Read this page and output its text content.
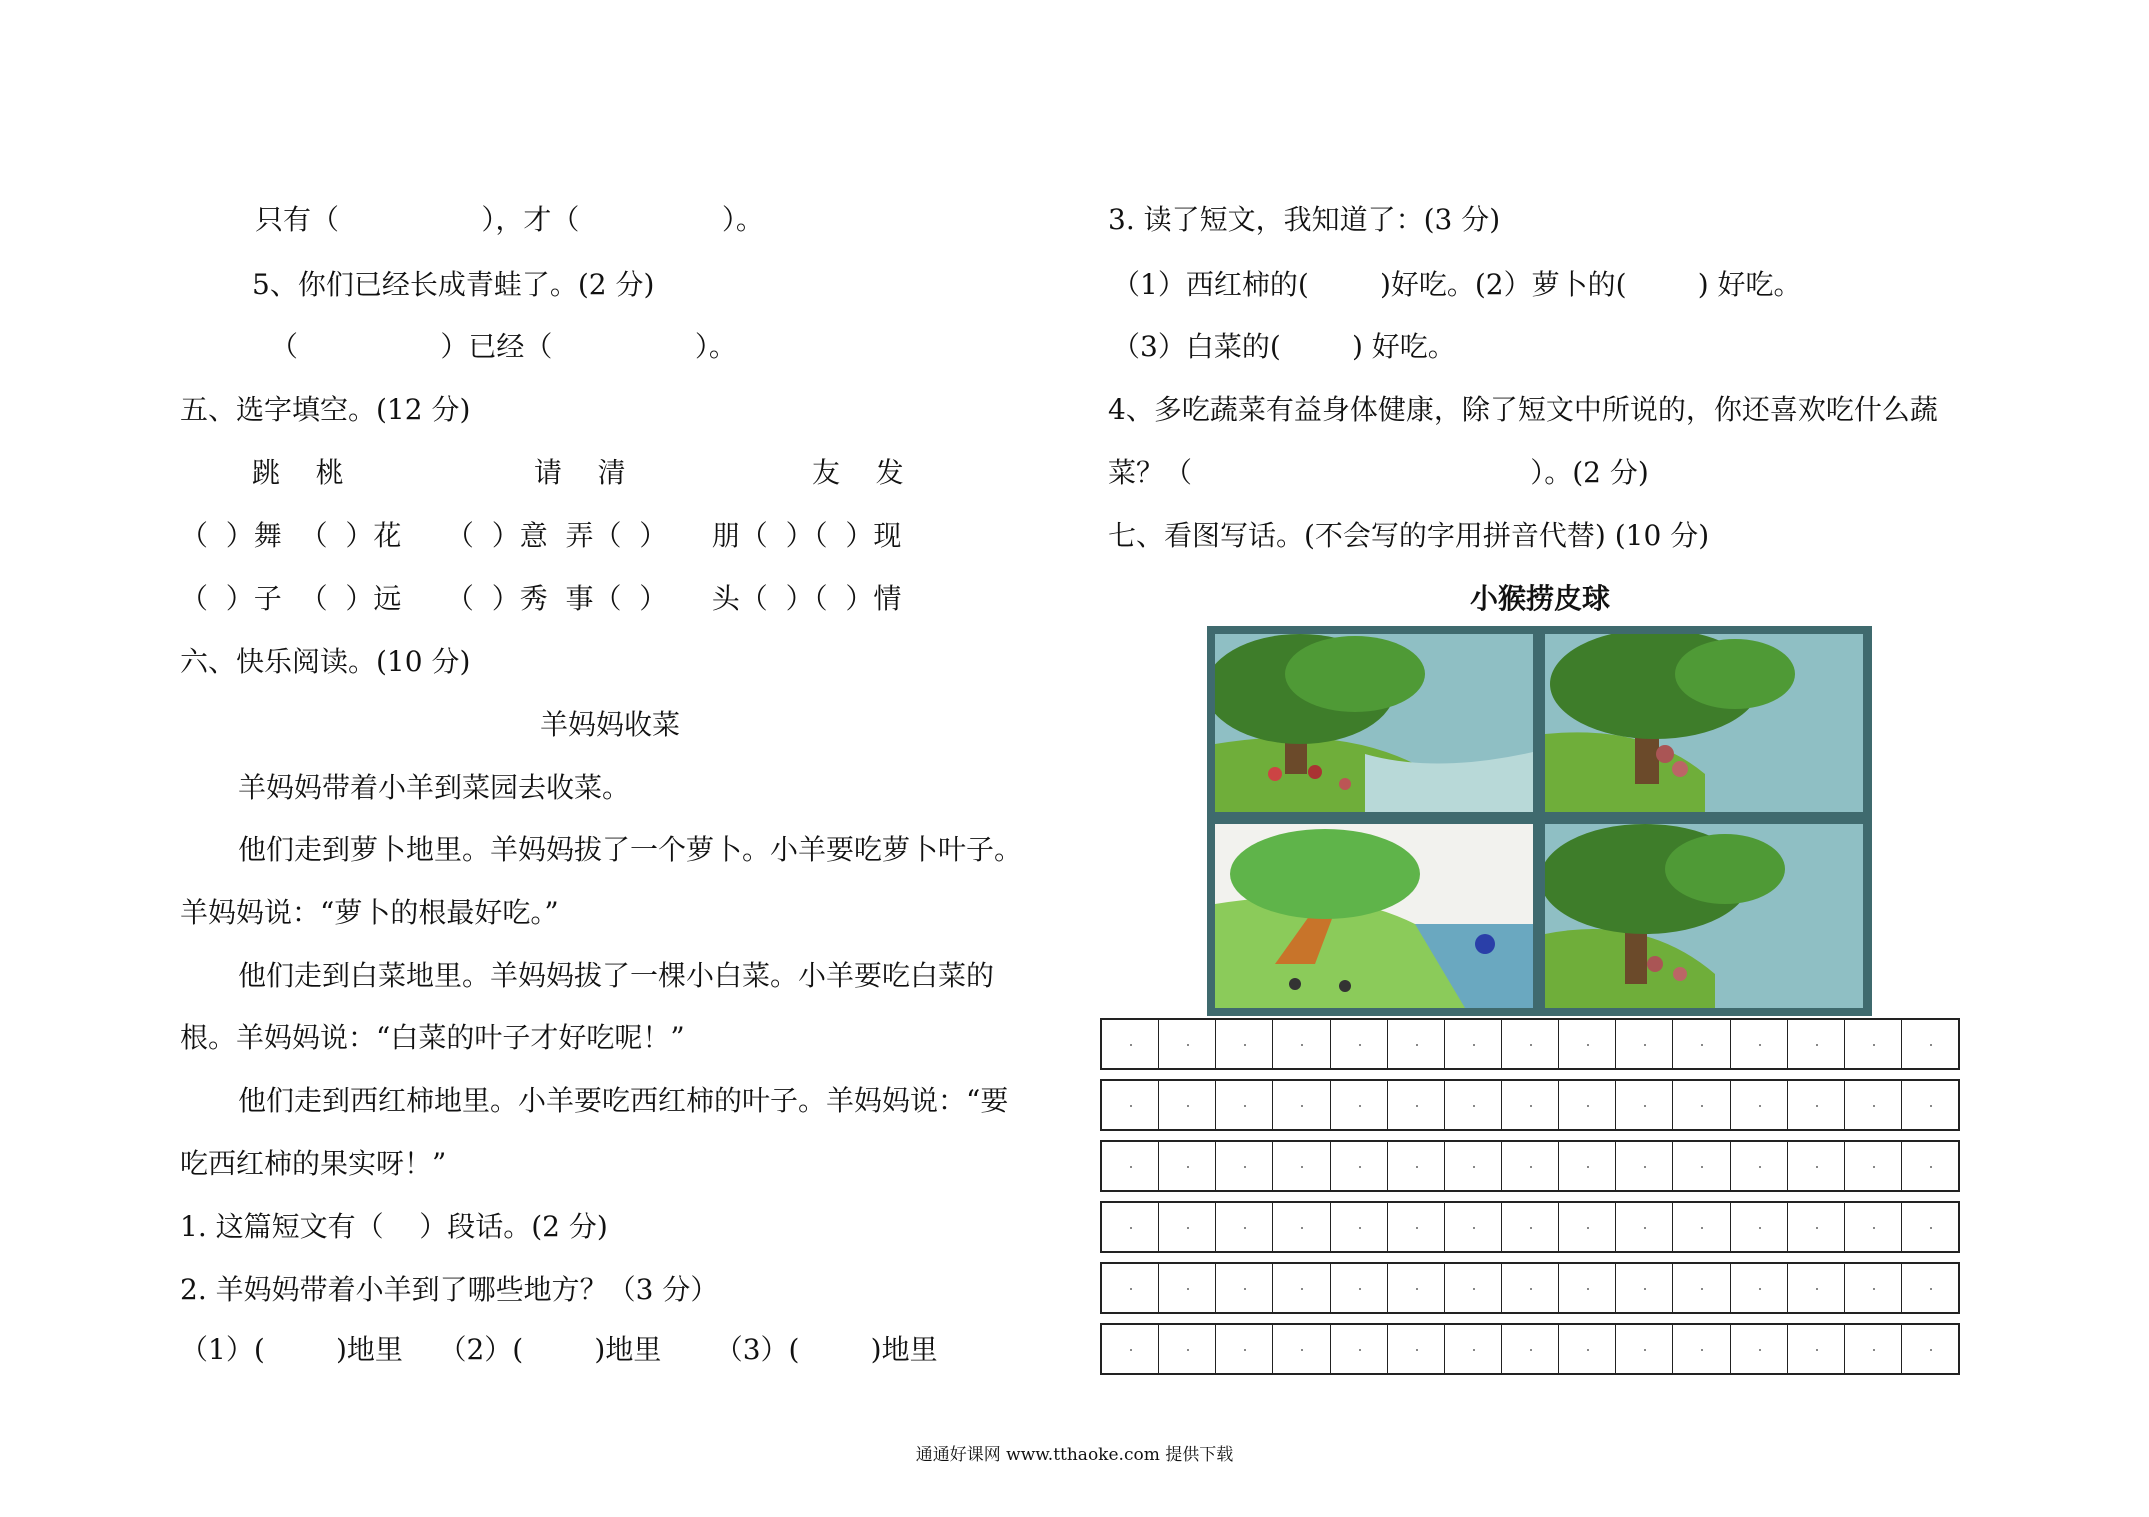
只有（                ），才（                ）。
5、你们已经长成青蛙了。(2 分)
（                ）已经（                ）。
五、选字填空。(12 分)
跳    桃	请    清	友    发
（  ）舞  （  ）花     （  ）意  弄（  ）     朋（  ）（  ）现
（  ）子  （  ）远     （  ）秀  事（  ）     头（  ）（  ）情
六、快乐阅读。(10 分)
羊妈妈收菜
羊妈妈带着小羊到菜园去收菜。
他们走到萝卜地里。羊妈妈拔了一个萝卜。小羊要吃萝卜叶子。
羊妈妈说：“萝卜的根最好吃。”
他们走到白菜地里。羊妈妈拔了一棵小白菜。小羊要吃白菜的
根。羊妈妈说：“白菜的叶子才好吃呢！”
他们走到西红柿地里。小羊要吃西红柿的叶子。羊妈妈说：“要
吃西红柿的果实呀！”
1. 这篇短文有（    ）段话。(2 分)
2. 羊妈妈带着小羊到了哪些地方？（3 分）
（1）(        )地里    （2）(        )地里      （3）(        )地里
3. 读了短文，我知道了：(3 分)
（1）西红柿的(        )好吃。(2）萝卜的(        ) 好吃。
（3）白菜的(        ) 好吃。
4、多吃蔬菜有益身体健康，除了短文中所说的，你还喜欢吃什么蔬
菜？（                                      ）。(2 分)
七、看图写话。(不会写的字用拼音代替) (10 分)
小猴捞皮球
通通好课网 www.tthaoke.com 提供下载
